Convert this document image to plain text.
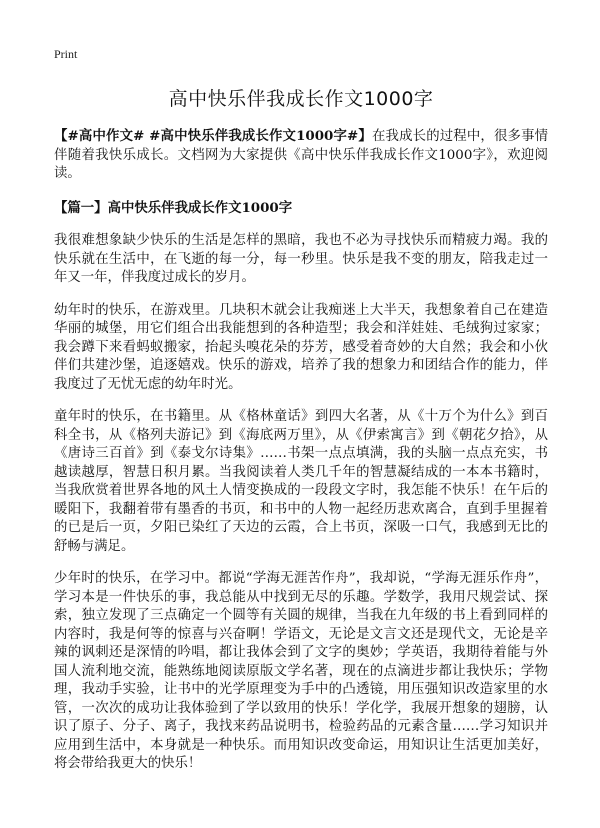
Print
高中快乐伴我成长作文1000字

【#高中作文# #高中快乐伴我成长作文1000字#】在我成长的过程中，很多事情伴随着我快乐成长。文档网为大家提供《高中快乐伴我成长作文1000字》，欢迎阅读。

【篇一】高中快乐伴我成长作文1000字

我很难想象缺少快乐的生活是怎样的黑暗，我也不必为寻找快乐而精疲力竭。我的快乐就在生活中，在飞逝的每一分，每一秒里。快乐是我不变的朋友，陪我走过一年又一年，伴我度过成长的岁月。

幼年时的快乐，在游戏里。几块积木就会让我痴迷上大半天，我想象着自己在建造华丽的城堡，用它们组合出我能想到的各种造型；我会和洋娃娃、毛绒狗过家家；我会蹲下来看蚂蚁搬家，抬起头嗅花朵的芬芳，感受着奇妙的大自然；我会和小伙伴们共建沙堡，追逐嬉戏。快乐的游戏，培养了我的想象力和团结合作的能力，伴我度过了无忧无虑的幼年时光。

童年时的快乐，在书籍里。从《格林童话》到四大名著，从《十万个为什么》到百科全书，从《格列夫游记》到《海底两万里》，从《伊索寓言》到《朝花夕拾》，从《唐诗三百首》到《泰戈尔诗集》……书架一点点填满，我的头脑一点点充实，书越读越厚，智慧日积月累。当我阅读着人类几千年的智慧凝结成的一本本书籍时，当我欣赏着世界各地的风土人情变换成的一段段文字时，我怎能不快乐！在午后的暖阳下，我翻着带有墨香的书页，和书中的人物一起经历悲欢离合，直到手里握着的已是后一页，夕阳已染红了天边的云霞，合上书页，深吸一口气，我感到无比的舒畅与满足。

少年时的快乐，在学习中。都说“学海无涯苦作舟”，我却说，“学海无涯乐作舟”，学习本是一件快乐的事，我总能从中找到无尽的乐趣。学数学，我用尺规尝试、探索，独立发现了三点确定一个圆等有关圆的规律，当我在九年级的书上看到同样的内容时，我是何等的惊喜与兴奋啊！学语文，无论是文言文还是现代文，无论是辛辣的讽刺还是深情的吟唱，都让我体会到了文字的奥妙；学英语，我期待着能与外国人流利地交流，能熟练地阅读原版文学名著，现在的点滴进步都让我快乐；学物理，我动手实验，让书中的光学原理变为手中的凸透镜，用压强知识改造家里的水管，一次次的成功让我体验到了学以致用的快乐！学化学，我展开想象的翅膀，认识了原子、分子、离子，我找来药品说明书，检验药品的元素含量……学习知识并应用到生活中，本身就是一种快乐。而用知识改变命运，用知识让生活更加美好，将会带给我更大的快乐！
